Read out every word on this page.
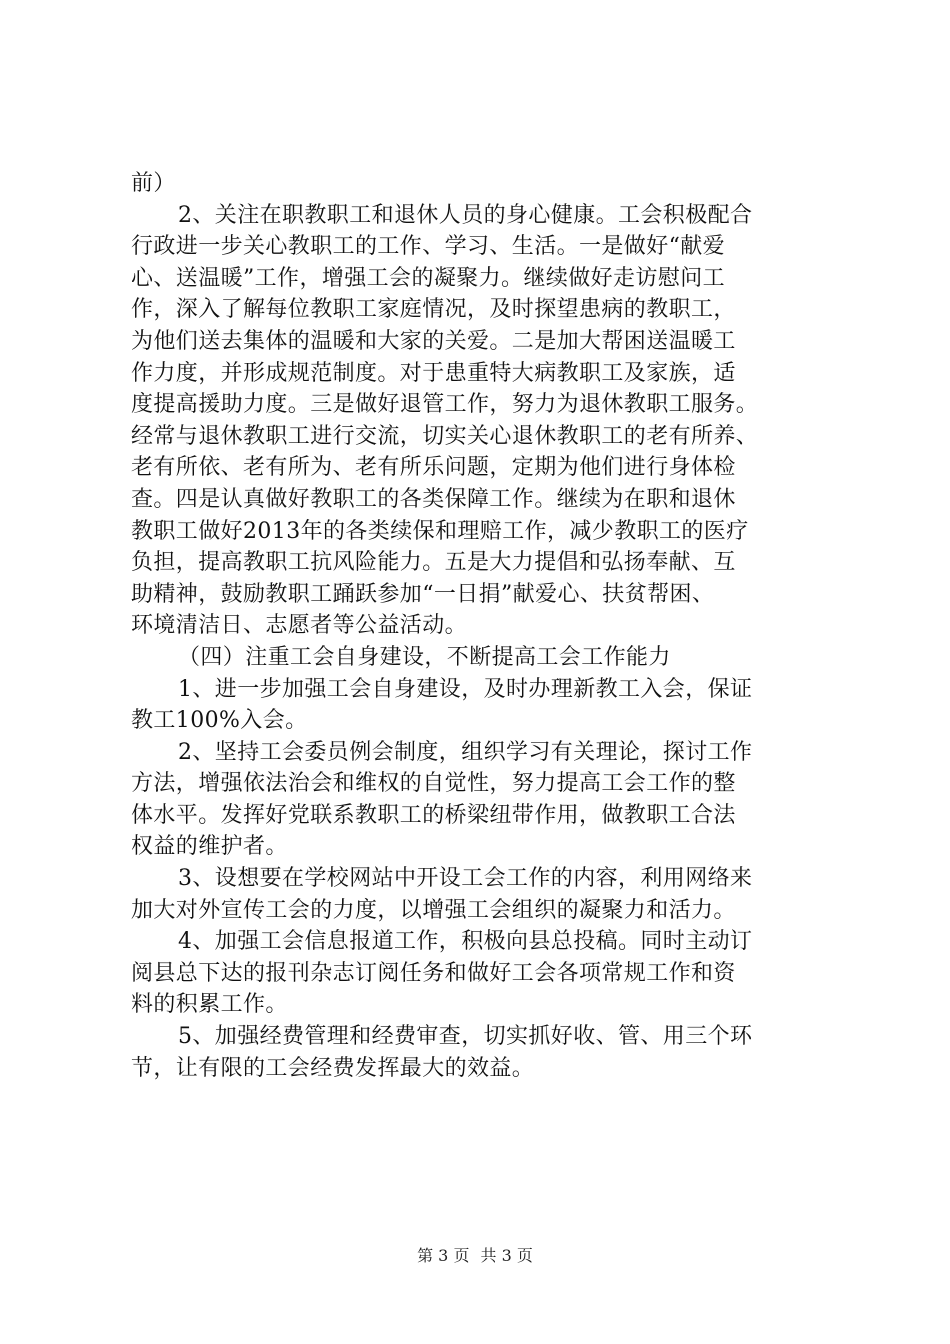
前）
2、关注在职教职工和退休人员的身心健康。工会积极配合
行政进一步关心教职工的工作、学习、生活。一是做好“献爱
心、送温暖”工作，增强工会的凝聚力。继续做好走访慰问工
作，深入了解每位教职工家庭情况，及时探望患病的教职工，
为他们送去集体的温暖和大家的关爱。二是加大帮困送温暖工
作力度，并形成规范制度。对于患重特大病教职工及家族，适
度提高援助力度。三是做好退管工作，努力为退休教职工服务。
经常与退休教职工进行交流，切实关心退休教职工的老有所养、
老有所依、老有所为、老有所乐问题，定期为他们进行身体检
查。四是认真做好教职工的各类保障工作。继续为在职和退休
教职工做好2013年的各类续保和理赔工作，减少教职工的医疗
负担，提高教职工抗风险能力。五是大力提倡和弘扬奉献、互
助精神，鼓励教职工踊跃参加“一日捐”献爱心、扶贫帮困、
环境清洁日、志愿者等公益活动。
（四）注重工会自身建设，不断提高工会工作能力
1、进一步加强工会自身建设，及时办理新教工入会，保证
教工100%入会。
2、坚持工会委员例会制度，组织学习有关理论，探讨工作
方法，增强依法治会和维权的自觉性，努力提高工会工作的整
体水平。发挥好党联系教职工的桥梁纽带作用，做教职工合法
权益的维护者。
3、设想要在学校网站中开设工会工作的内容，利用网络来
加大对外宣传工会的力度，以增强工会组织的凝聚力和活力。
4、加强工会信息报道工作，积极向县总投稿。同时主动订
阅县总下达的报刊杂志订阅任务和做好工会各项常规工作和资
料的积累工作。
5、加强经费管理和经费审查，切实抓好收、管、用三个环
节，让有限的工会经费发挥最大的效益。
第 3 页 共 3 页
